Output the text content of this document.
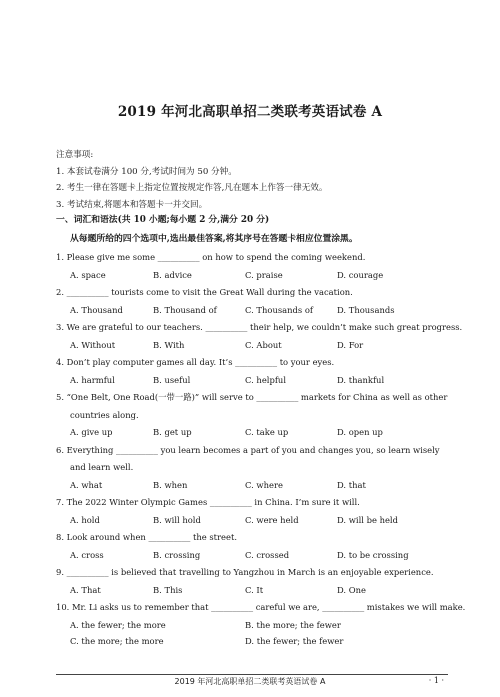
2019 年河北高职单招二类联考英语试卷 A
注意事项:
1. 本套试卷满分 100 分,考试时间为 50 分钟。
2. 考生一律在答题卡上指定位置按规定作答,凡在题本上作答一律无效。
3. 考试结束,将题本和答题卡一并交回。
一、词汇和语法(共 10 小题;每小题 2 分,满分 20 分)
从每题所给的四个选项中,选出最佳答案,将其序号在答题卡相应位置涂黑。
1. Please give me some __________ on how to spend the coming weekend.
A. space	B. advice	C. praise	D. courage
2. __________ tourists come to visit the Great Wall during the vacation.
A. Thousand	B. Thousand of	C. Thousands of	D. Thousands
3. We are grateful to our teachers. __________ their help, we couldn’t make such great progress.
A. Without	B. With	C. About	D. For
4. Don’t play computer games all day. It’s __________ to your eyes.
A. harmful	B. useful	C. helpful	D. thankful
5. “One Belt, One Road(一带一路)” will serve to __________ markets for China as well as other countries along.
A. give up	B. get up	C. take up	D. open up
6. Everything __________ you learn becomes a part of you and changes you, so learn wisely and learn well.
A. what	B. when	C. where	D. that
7. The 2022 Winter Olympic Games __________ in China. I’m sure it will.
A. hold	B. will hold	C. were held	D. will be held
8. Look around when __________ the street.
A. cross	B. crossing	C. crossed	D. to be crossing
9. __________ is believed that travelling to Yangzhou in March is an enjoyable experience.
A. That	B. This	C. It	D. One
10. Mr. Li asks us to remember that __________ careful we are, __________ mistakes we will make.
A. the fewer; the more	B. the more; the fewer
C. the more; the more	D. the fewer; the fewer
2019 年河北高职单招二类联考英语试卷 A	· 1 ·
